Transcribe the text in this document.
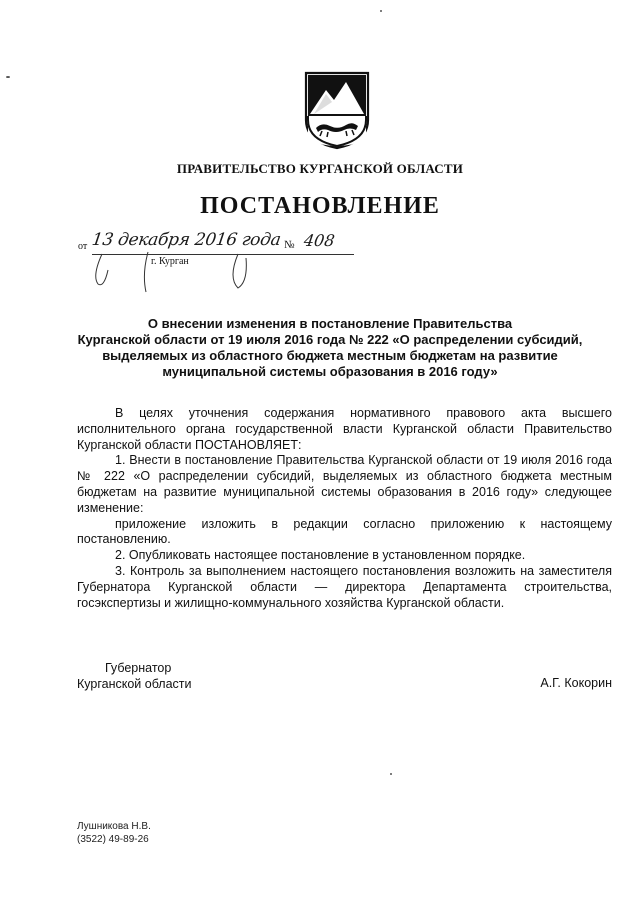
ПРАВИТЕЛЬСТВО КУРГАНСКОЙ ОБЛАСТИ
ПОСТАНОВЛЕНИЕ
от 13 декабря 2016 года № 408
г. Курган
О внесении изменения в постановление Правительства
Курганской области от 19 июля 2016 года № 222 «О распределении субсидий,
выделяемых из областного бюджета местным бюджетам на развитие
муниципальной системы образования в 2016 году»

В целях уточнения содержания нормативного правового акта высшего исполнительного органа государственной власти Курганской области Правительство Курганской области ПОСТАНОВЛЯЕТ:

1. Внести в постановление Правительства Курганской области от 19 июля 2016 года № 222 «О распределении субсидий, выделяемых из областного бюджета местным бюджетам на развитие муниципальной системы образования в 2016 году» следующее изменение:

приложение изложить в редакции согласно приложению к настоящему постановлению.

2. Опубликовать настоящее постановление в установленном порядке.

3. Контроль за выполнением настоящего постановления возложить на заместителя Губернатора Курганской области — директора Департамента строительства, госэкспертизы и жилищно-коммунального хозяйства Курганской области.

Губернатор
Курганской области	А.Г. Кокорин
Лушникова Н.В.
(3522) 49-89-26
